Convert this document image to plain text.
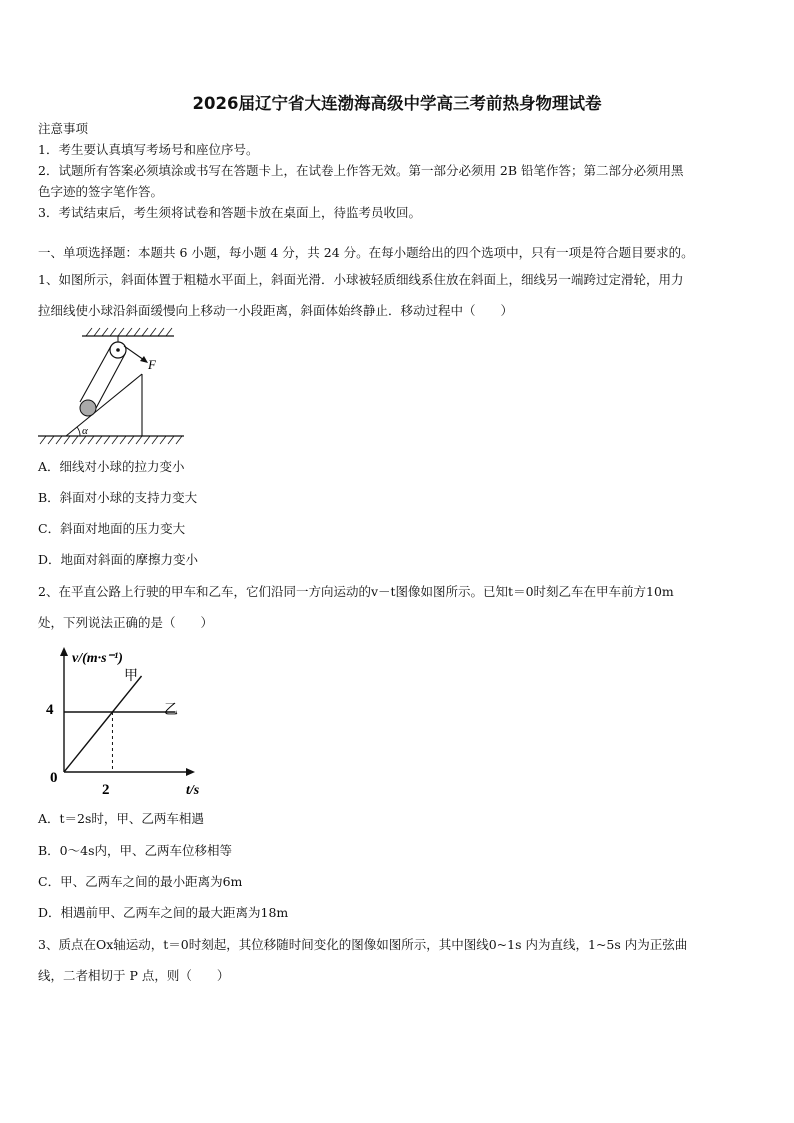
2026届辽宁省大连渤海高级中学高三考前热身物理试卷
注意事项
1．考生要认真填写考场号和座位序号。
2．试题所有答案必须填涂或书写在答题卡上，在试卷上作答无效。第一部分必须用 2B 铅笔作答；第二部分必须用黑
色字迹的签字笔作答。
3．考试结束后，考生须将试卷和答题卡放在桌面上，待监考员收回。
一、单项选择题：本题共 6 小题，每小题 4 分，共 24 分。在每小题给出的四个选项中，只有一项是符合题目要求的。
1、如图所示，斜面体置于粗糙水平面上，斜面光滑．小球被轻质细线系住放在斜面上，细线另一端跨过定滑轮，用力
拉细线使小球沿斜面缓慢向上移动一小段距离，斜面体始终静止．移动过程中（　　）
F
α
A．细线对小球的拉力变小
B．斜面对小球的支持力变大
C．斜面对地面的压力变大
D．地面对斜面的摩擦力变小
2、在平直公路上行驶的甲车和乙车，它们沿同一方向运动的v－t图像如图所示。已知t＝0时刻乙车在甲车前方10m
处，下列说法正确的是（　　）
v/(m·s⁻¹)
t/s
0
2
4
甲
乙
A．t＝2s时，甲、乙两车相遇
B．0～4s内，甲、乙两车位移相等
C．甲、乙两车之间的最小距离为6m
D．相遇前甲、乙两车之间的最大距离为18m
3、质点在Ox轴运动，t＝0时刻起，其位移随时间变化的图像如图所示，其中图线0~1s 内为直线，1~5s 内为正弦曲
线，二者相切于 P 点，则（　　）
